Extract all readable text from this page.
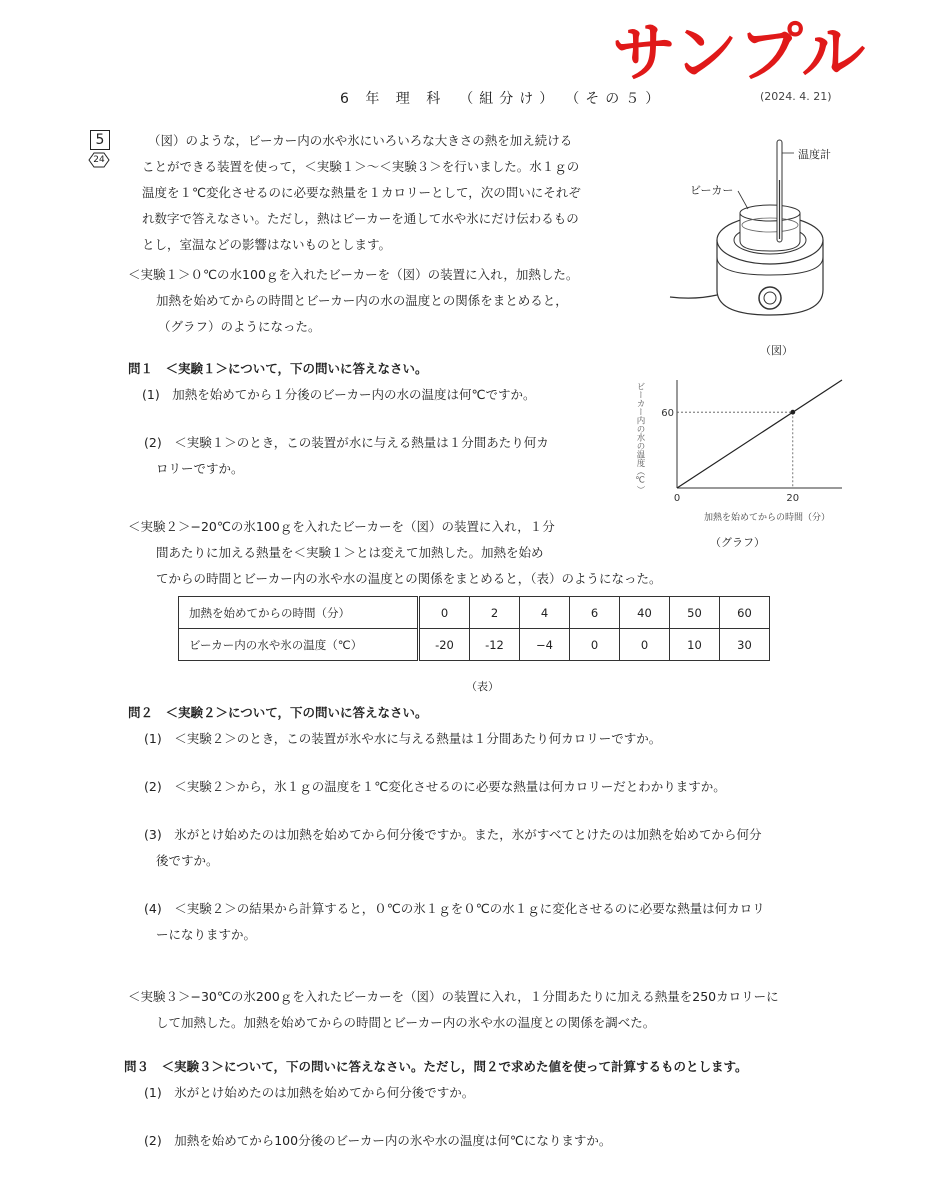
サンプル
6 年 理 科　（組分け）　（その５）	(2024. 4. 21)
5
24
（図）のような，ビーカー内の水や氷にいろいろな大きさの熱を加え続ける
ことができる装置を使って，＜実験１＞〜＜実験３＞を行いました。水１ｇの
温度を１℃変化させるのに必要な熱量を１カロリーとして，次の問いにそれぞ
れ数字で答えなさい。ただし，熱はビーカーを通して水や氷にだけ伝わるもの
とし，室温などの影響はないものとします。
温度計
ビーカー
（図）
＜実験１＞０℃の水100ｇを入れたビーカーを（図）の装置に入れ，加熱した。
加熱を始めてからの時間とビーカー内の水の温度との関係をまとめると，
（グラフ）のようになった。
問１　＜実験１＞について，下の問いに答えなさい。
(1)　加熱を始めてから１分後のビーカー内の水の温度は何℃ですか。
(2)　＜実験１＞のとき，この装置が水に与える熱量は１分間あたり何カ
ロリーですか。
0	20
60
ビーカー内の水の温度（℃）
加熱を始めてからの時間（分）
（グラフ）
＜実験２＞−20℃の氷100ｇを入れたビーカーを（図）の装置に入れ，１分
間あたりに加える熱量を＜実験１＞とは変えて加熱した。加熱を始め
てからの時間とビーカー内の氷や水の温度との関係をまとめると，（表）のようになった。
加熱を始めてからの時間（分）	0	2	4	6	40	50	60
ビーカー内の水や氷の温度（℃）	-20	-12	−4	0	0	10	30
（表）
問２　＜実験２＞について，下の問いに答えなさい。
(1)　＜実験２＞のとき，この装置が氷や水に与える熱量は１分間あたり何カロリーですか。
(2)　＜実験２＞から，氷１ｇの温度を１℃変化させるのに必要な熱量は何カロリーだとわかりますか。
(3)　氷がとけ始めたのは加熱を始めてから何分後ですか。また，氷がすべてとけたのは加熱を始めてから何分
後ですか。
(4)　＜実験２＞の結果から計算すると，０℃の氷１ｇを０℃の水１ｇに変化させるのに必要な熱量は何カロリ
ーになりますか。
＜実験３＞−30℃の氷200ｇを入れたビーカーを（図）の装置に入れ，１分間あたりに加える熱量を250カロリーに
して加熱した。加熱を始めてからの時間とビーカー内の氷や水の温度との関係を調べた。
問３　＜実験３＞について，下の問いに答えなさい。ただし，問２で求めた値を使って計算するものとします。
(1)　氷がとけ始めたのは加熱を始めてから何分後ですか。
(2)　加熱を始めてから100分後のビーカー内の氷や水の温度は何℃になりますか。
